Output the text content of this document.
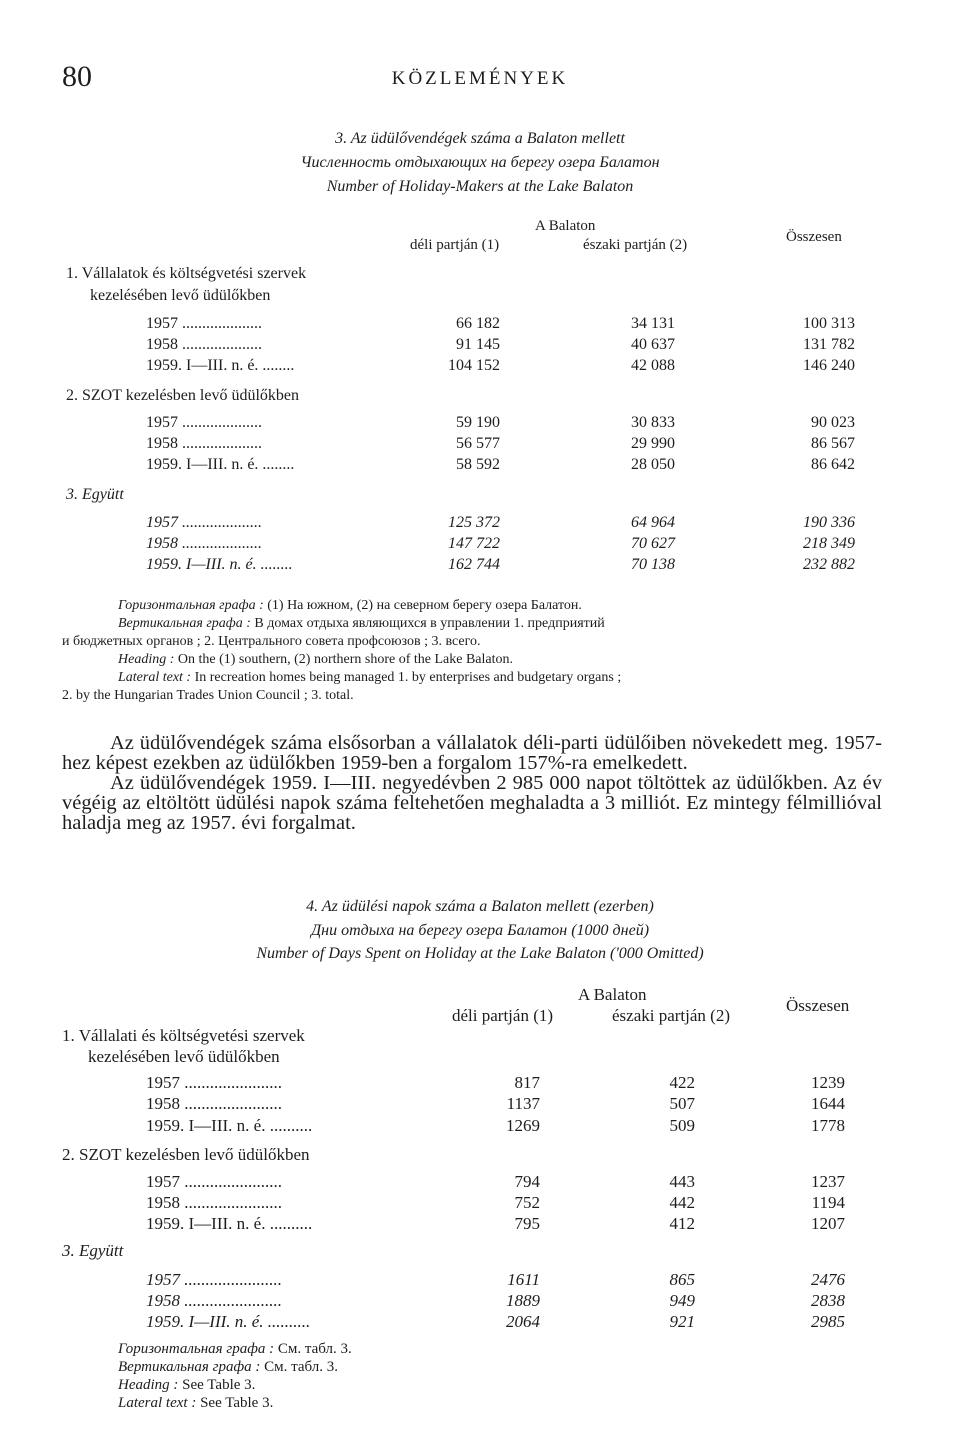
80	KÖZLEMÉNYEK
3. Az üdülővendégek száma a Balaton mellett
Численность отдыхающих на берегу озера Балатон
Number of Holiday-Makers at the Lake Balaton
A Balaton
déli partján (1)	északi partján (2)	Összesen
1. Vállalatok és költségvetési szervek
kezelésében levő üdülőkben
1957 ....................	66 182	34 131	100 313
1958 ....................	91 145	40 637	131 782
1959. I—III. n. é. ........	104 152	42 088	146 240
2. SZOT kezelésben levő üdülőkben
1957 ....................	59 190	30 833	90 023
1958 ....................	56 577	29 990	86 567
1959. I—III. n. é. ........	58 592	28 050	86 642
3. Együtt
1957 ....................	125 372	64 964	190 336
1958 ....................	147 722	70 627	218 349
1959. I—III. n. é. ........	162 744	70 138	232 882
Горизонтальная графа : (1) На южном, (2) на северном берегу озера Балатон.
Вертикальная графа : В домах отдыха являющихся в управлении 1. предприятий
и бюджетных органов ; 2. Центрального совета профсоюзов ; 3. всего.
Heading : On the (1) southern, (2) northern shore of the Lake Balaton.
Lateral text : In recreation homes being managed 1. by enterprises and budgetary organs ;
2. by the Hungarian Trades Union Council ; 3. total.

Az üdülővendégek száma elsősorban a vállalatok déli-parti üdülőiben növekedett meg. 1957-hez képest ezekben az üdülőkben 1959-ben a forgalom 157%-ra emelkedett.

Az üdülővendégek 1959. I—III. negyedévben 2 985 000 napot töltöttek az üdülőkben. Az év végéig az eltöltött üdülési napok száma feltehetően meghaladta a 3 milliót. Ez mintegy félmillióval haladja meg az 1957. évi forgalmat.

4. Az üdülési napok száma a Balaton mellett (ezerben)
Дни отдыха на берегу озера Балатон (1000 дней)
Number of Days Spent on Holiday at the Lake Balaton ('000 Omitted)
A Balaton
déli partján (1)	északi partján (2)
Összesen
1. Vállalati és költségvetési szervek
kezelésében levő üdülőkben
1957 .......................	817	422	1239
1958 .......................	1137	507	1644
1959. I—III. n. é. ..........	1269	509	1778
2. SZOT kezelésben levő üdülőkben
1957 .......................	794	443	1237
1958 .......................	752	442	1194
1959. I—III. n. é. ..........	795	412	1207
3. Együtt
1957 .......................	1611	865	2476
1958 .......................	1889	949	2838
1959. I—III. n. é. ..........	2064	921	2985
Горизонтальная графа : См. табл. 3.
Вертикальная графа : См. табл. 3.
Heading : See Table 3.
Lateral text : See Table 3.
